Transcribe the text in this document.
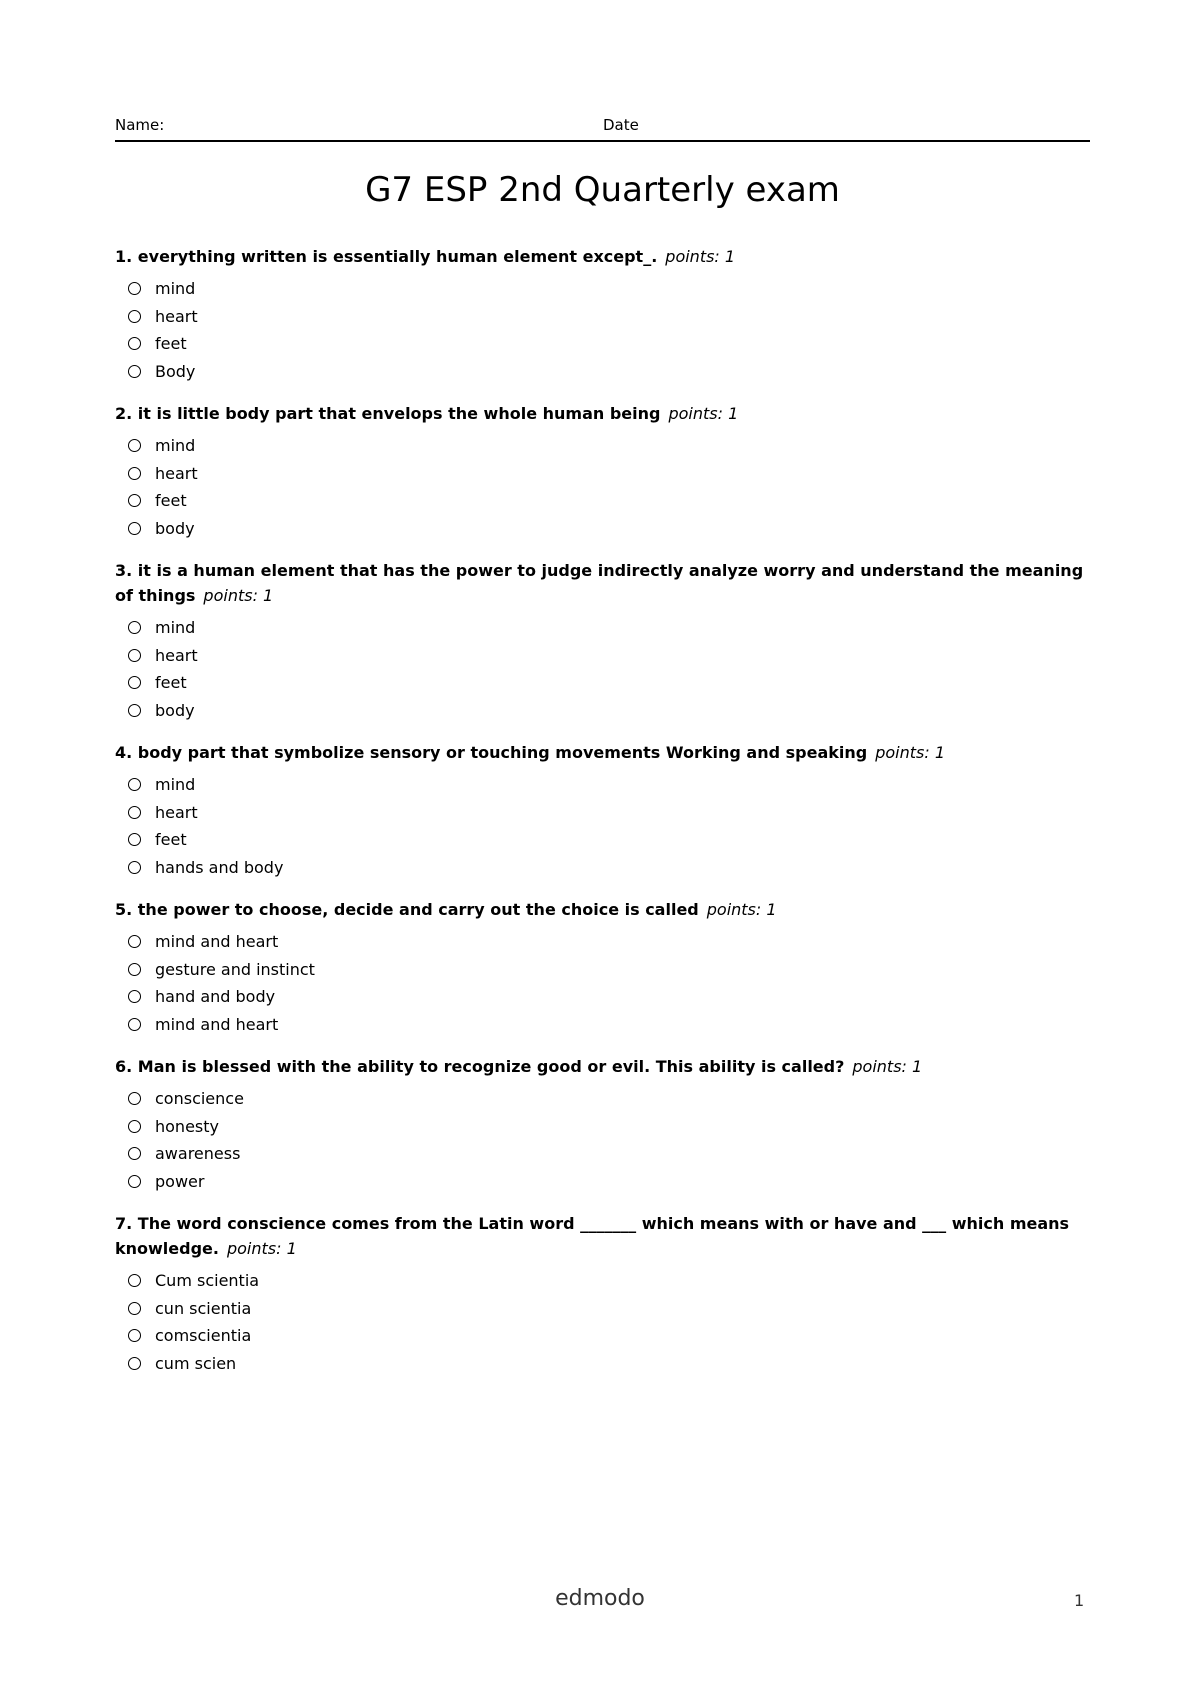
Name:	Date
G7 ESP 2nd Quarterly exam

1. everything written is essentially human element except_. points: 1

mind
heart
feet
Body

2. it is little body part that envelops the whole human being points: 1

mind
heart
feet
body

3. it is a human element that has the power to judge indirectly analyze worry and understand the meaning of things points: 1

mind
heart
feet
body

4. body part that symbolize sensory or touching movements Working and speaking points: 1

mind
heart
feet
hands and body

5. the power to choose, decide and carry out the choice is called points: 1

mind and heart
gesture and instinct
hand and body
mind and heart

6. Man is blessed with the ability to recognize good or evil. This ability is called? points: 1

conscience
honesty
awareness
power

7. The word conscience comes from the Latin word _______ which means with or have and ___ which means knowledge. points: 1

Cum scientia
cun scientia
comscientia
cum scien
edmodo	1
